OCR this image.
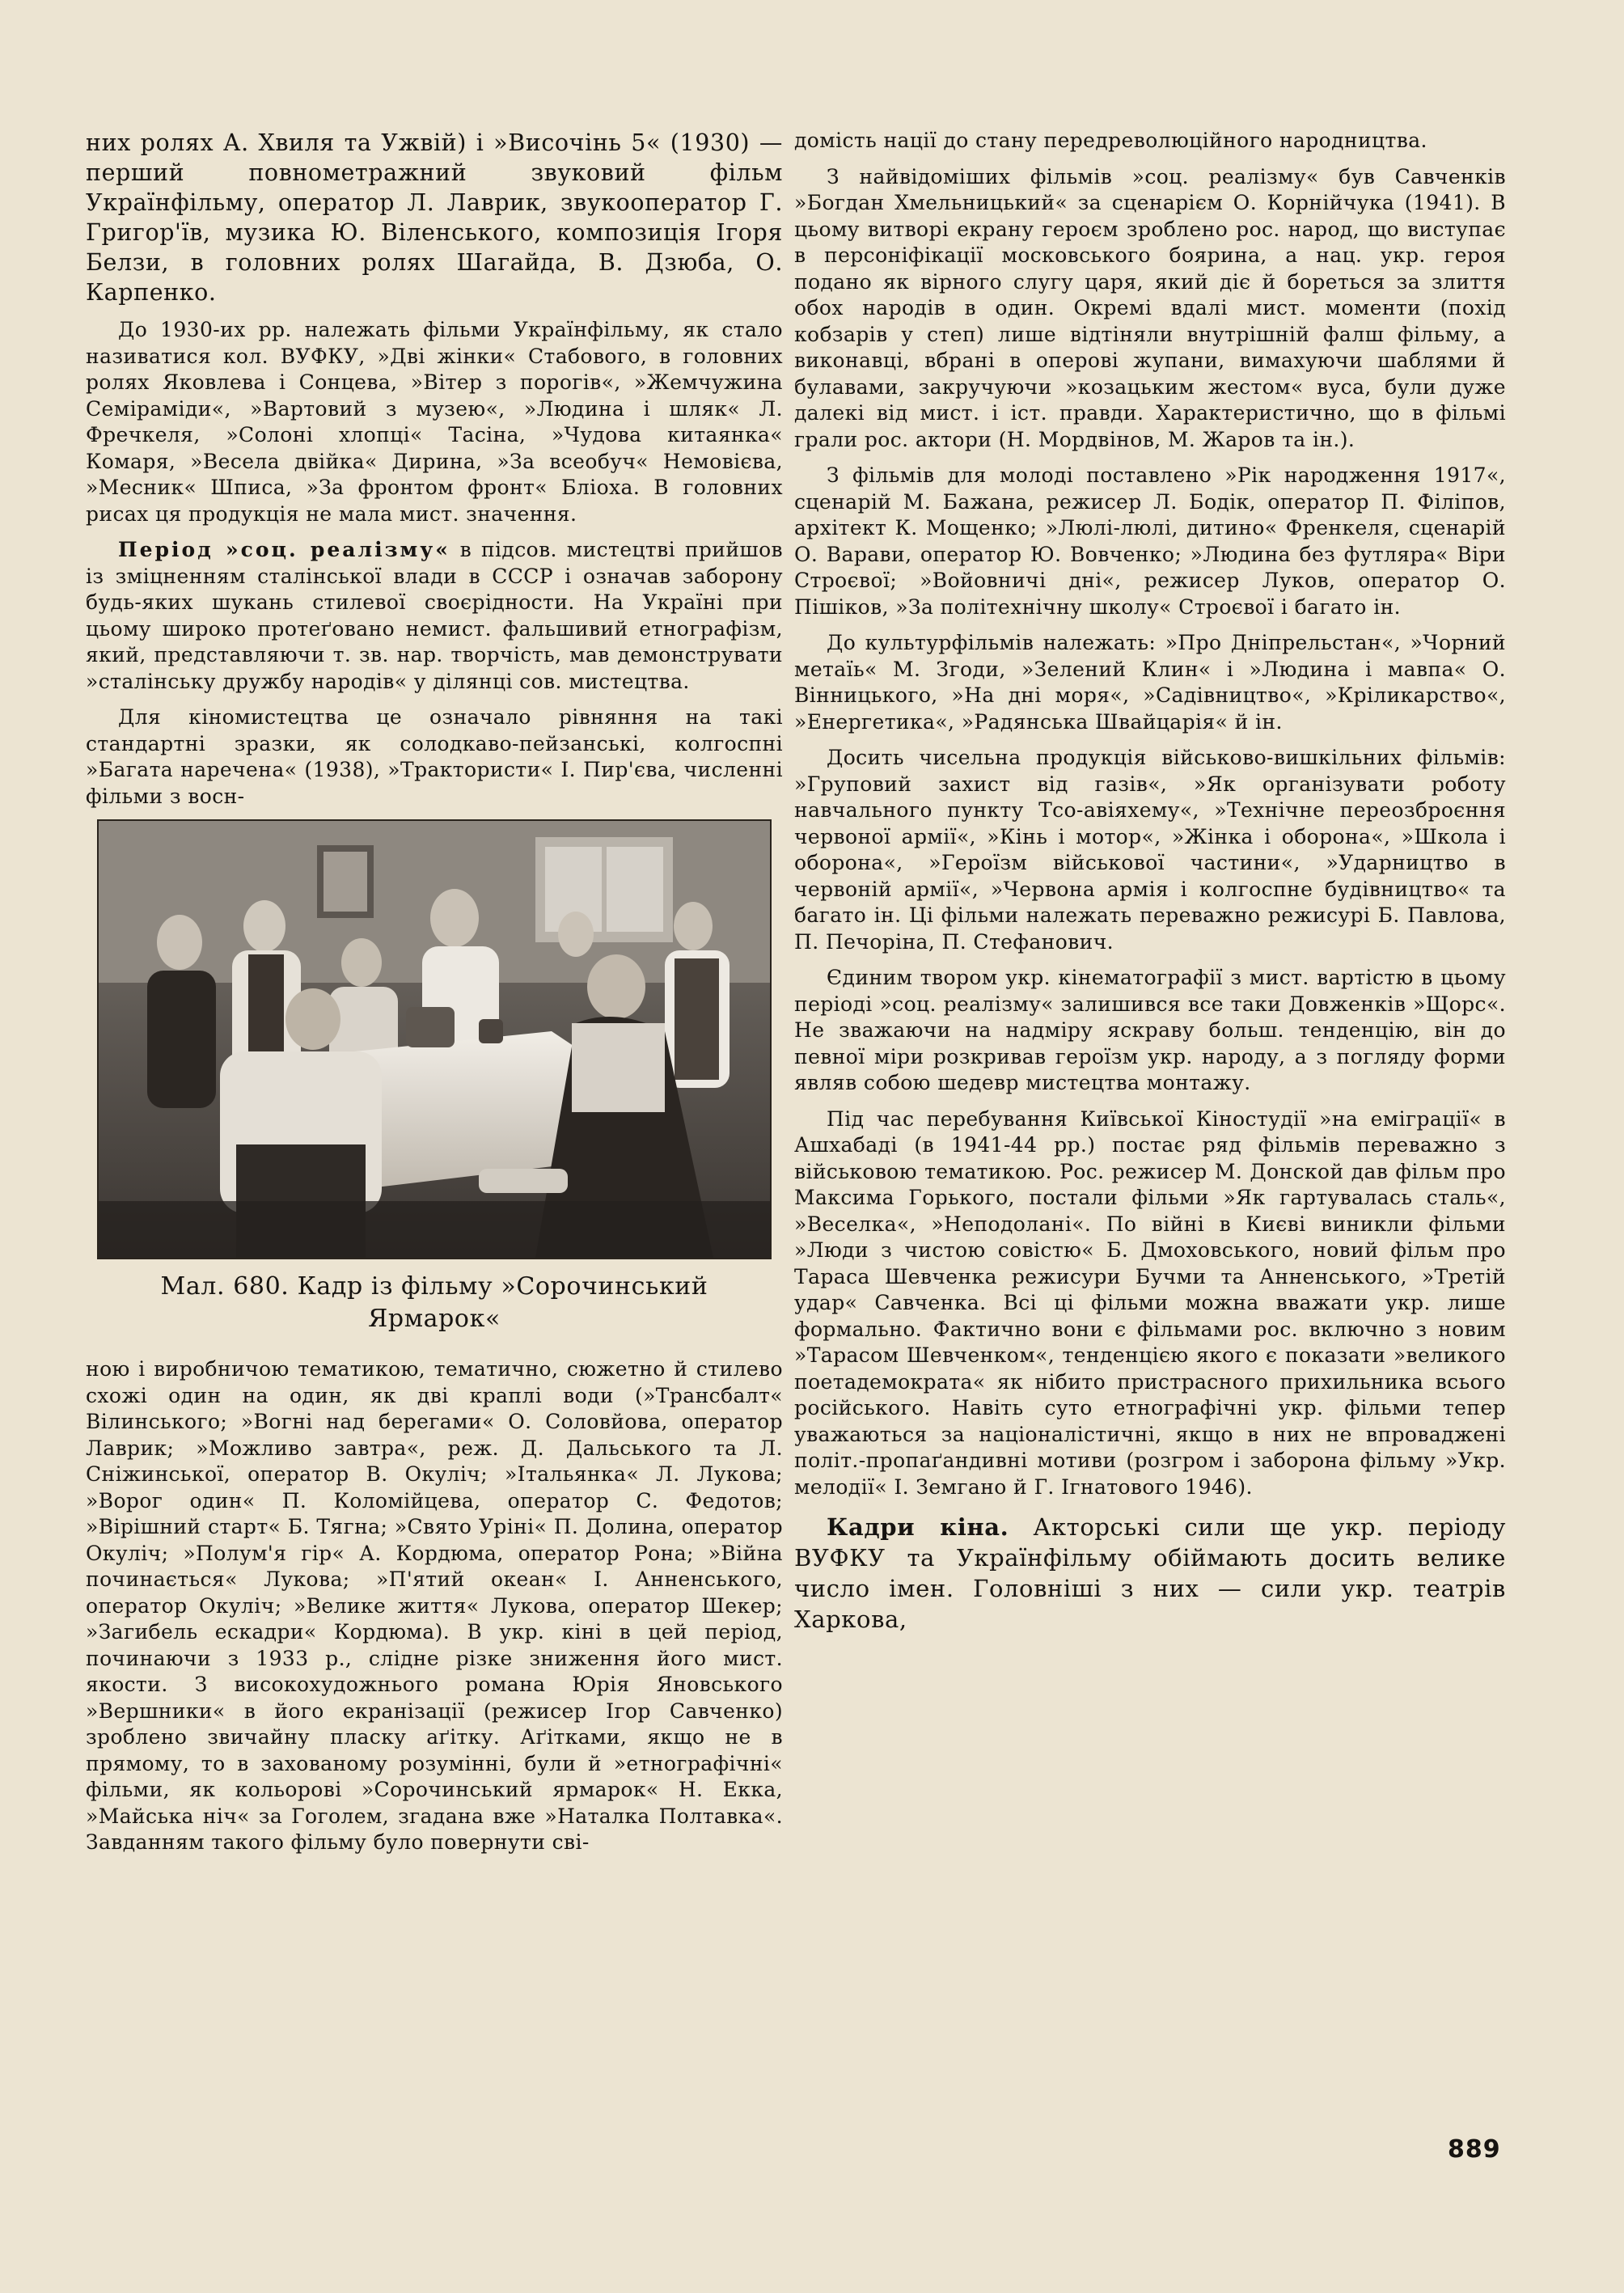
них ролях А. Хвиля та Ужвій) і »Височінь 5« (1930) — перший повнометражний звуковий фільм Українфільму, оператор Л. Лаврик, звукооператор Г. Григор'їв, музика Ю. Віленського, композиція Ігоря Белзи, в головних ролях Шагайда, В. Дзюба, О. Карпенко.

До 1930-их рр. належать фільми Українфільму, як стало називатися кол. ВУФКУ, »Дві жінки« Стабового, в головних ролях Яковлева і Сонцева, »Вітер з порогів«, »Жемчужина Семіраміди«, »Вартовий з музею«, »Людина і шляк« Л. Фречкеля, »Солоні хлопці« Тасіна, »Чудова китаянка« Комаря, »Весела двійка« Дирина, »За всеобуч« Немовієва, »Месник« Шписа, »За фронтом фронт« Бліоха. В головних рисах ця продукція не мала мист. значення.

Період »соц. реалізму« в підсов. мистецтві прийшов із зміцненням сталінської влади в СССР і означав заборону будь-яких шукань стилевої своєрідности. На Україні при цьому широко протеґовано немист. фальшивий етнографізм, який, представляючи т. зв. нар. творчість, мав демонструвати »сталінську дружбу народів« у ділянці сов. мистецтва.

Для кіномистецтва це означало рівняння на такі стандартні зразки, як солодкаво-пейзанські, колгоспні »Багата наречена« (1938), »Трактористи« І. Пир'єва, численні фільми з восн-

Мал. 680. Кадр із фільму »Сорочинський
Ярмарок«

ною і виробничою тематикою, тематично, сюжетно й стилево схожі один на один, як дві краплі води (»Трансбалт« Вілинського; »Вогні над берегами« О. Соловйова, оператор Лаврик; »Можливо завтра«, реж. Д. Дальського та Л. Сніжинської, оператор В. Окуліч; »Італьянка« Л. Лукова; »Ворог один« П. Коломійцева, оператор С. Федотов; »Вірішний старт« Б. Тягна; »Свято Уріні« П. Долина, оператор Окуліч; »Полум'я гір« А. Кордюма, оператор Рона; »Війна починається« Лукова; »П'ятий океан« І. Анненського, оператор Окуліч; »Велике життя« Лукова, оператор Шекер; »Загибель ескадри« Кордюма). В укр. кіні в цей період, починаючи з 1933 р., слідне різке зниження його мист. якости. З високохудожнього романа Юрія Яновського »Вершники« в його екранізації (режисер Ігор Савченко) зроблено звичайну пласку аґітку. Аґітками, якщо не в прямому, то в захованому розумінні, були й »етнографічні« фільми, як кольорові »Сорочинський ярмарок« Н. Екка, »Майська ніч« за Гоголем, згадана вже »Наталка Полтавка«. Завданням такого фільму було повернути сві-

домість нації до стану передреволюційного народництва.

З найвідоміших фільмів »соц. реалізму« був Савченків »Богдан Хмельницький« за сценарієм О. Корнійчука (1941). В цьому витворі екрану героєм зроблено рос. народ, що виступає в персоніфікації московського боярина, а нац. укр. героя подано як вірного слугу царя, який діє й бореться за злиття обох народів в один. Окремі вдалі мист. моменти (похід кобзарів у степ) лише відтіняли внутрішній фалш фільму, а виконавці, вбрані в оперові жупани, вимахуючи шаблями й булавами, закручуючи »козацьким жестом« вуса, були дуже далекі від мист. і іст. правди. Характеристично, що в фільмі грали рос. актори (Н. Мордвінов, М. Жаров та ін.).

З фільмів для молоді поставлено »Рік народження 1917«, сценарій М. Бажана, режисер Л. Бодік, оператор П. Філіпов, архітект К. Мощенко; »Люлі-люлі, дитино« Френкеля, сценарій О. Варави, оператор Ю. Вовченко; »Людина без футляра« Віри Строєвої; »Войовничі дні«, режисер Луков, оператор О. Пішіков, »За політехнічну школу« Строєвої і багато ін.

До культурфільмів належать: »Про Дніпрельстан«, »Чорний метаїь« М. Згоди, »Зелений Клин« і »Людина і мавпа« О. Вінницького, »На дні моря«, »Садівництво«, »Кріликарство«, »Енергетика«, »Радянська Швайцарія« й ін.

Досить чисельна продукція військово-вишкільних фільмів: »Груповий захист від газів«, »Як організувати роботу навчального пункту Тсо-авіяхему«, »Технічне переозброєння червоної армії«, »Кінь і мотор«, »Жінка і оборона«, »Школа і оборона«, »Героїзм військової частини«, »Ударництво в червоній армії«, »Червона армія і колгоспне будівництво« та багато ін. Ці фільми належать переважно режисурі Б. Павлова, П. Печоріна, П. Стефанович.

Єдиним твором укр. кінематографії з мист. вартістю в цьому періоді »соц. реалізму« залишився все таки Довженків »Щорс«. Не зважаючи на надміру яскраву больш. тенденцію, він до певної міри розкривав героїзм укр. народу, а з погляду форми являв собою шедевр мистецтва монтажу.

Під час перебування Київської Кіностудії »на еміграції« в Ашхабаді (в 1941-44 рр.) постає ряд фільмів переважно з військовою тематикою. Рос. режисер М. Донской дав фільм про Максима Горького, постали фільми »Як гартувалась сталь«, »Веселка«, »Неподолані«. По війні в Києві виникли фільми »Люди з чистою совістю« Б. Дмоховського, новий фільм про Тараса Шевченка режисури Бучми та Анненського, »Третій удар« Савченка. Всі ці фільми можна вважати укр. лише формально. Фактично вони є фільмами рос. включно з новим »Тарасом Шевченком«, тенденцією якого є показати »великого поетадемократа« як нібито пристрасного прихильника всього російського. Навіть суто етнографічні укр. фільми тепер уважаються за націоналістичні, якщо в них не впроваджені політ.-пропаґандивні мотиви (розгром і заборона фільму »Укр. мелодії« І. Земгано й Г. Ігнатового 1946).

Кадри кіна. Акторські сили ще укр. періоду ВУФКУ та Українфільму обіймають досить велике число імен. Головніші з них — сили укр. театрів Харкова,

889
